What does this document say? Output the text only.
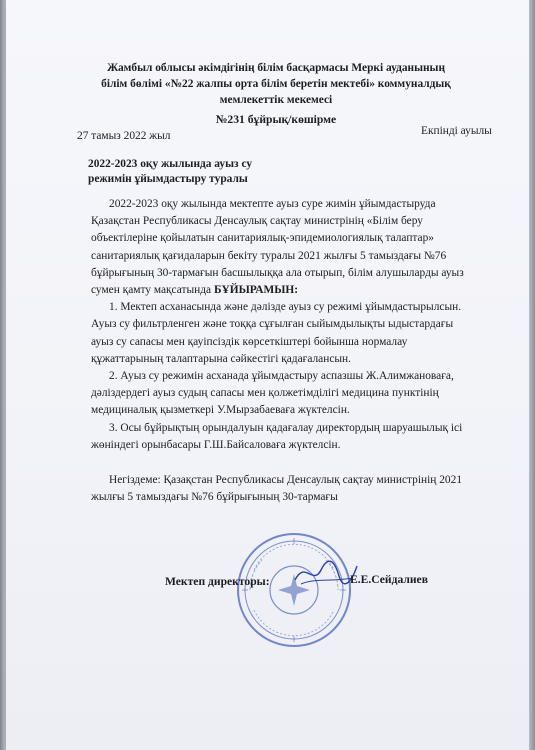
Жамбыл облысы әкімдігінің білім басқармасы Меркі ауданының
білім бөлімі «№22 жалпы орта білім беретін мектебі» коммуналдық
мемлекеттік мекемесі
№231 бұйрық/көшірме
27 тамыз 2022 жыл	Екпінді ауылы
2022-2023 оқу жылында ауыз су
режимін ұйымдастыру туралы

2022-2023 оқу жылында мектепте ауыз суре жимін ұйымдастыруда

Қазақстан Республикасы Денсаулық сақтау министрінің «Білім беру

объектілеріне қойылатын санитариялық-эпидемиологиялық талаптар»

санитариялық қағидаларын бекіту туралы 2021 жылғы 5 тамыздағы №76

бұйрығының 30-тармағын басшылыққа ала отырып, білім алушыларды ауыз

сумен қамту мақсатында БҰЙЫРАМЫН:

1. Мектеп асханасында және дәлізде ауыз су режимі ұйымдастырылсын.

Ауыз су фильтрленген және тоққа сұғылған сыйымдылықты ыдыстардағы

ауыз су сапасы мен қауіпсіздік көрсеткіштері бойынша нормалау

құжаттарының талаптарына сәйкестігі қадағалансын.

2. Ауыз су режимін асханада ұйымдастыру аспазшы Ж.Алимжановаға,

дәліздердегі ауыз судың сапасы мен қолжетімділігі медицина пунктінің

медициналық қызметкері У.Мырзабаеваға жүктелсін.

3. Осы бұйрықтың орындалуын қадағалау директордың шаруашылық ісі

жөніндегі орынбасары Г.Ш.Байсаловаға жүктелсін.

Негіздеме: Қазақстан Республикасы Денсаулық сақтау министрінің 2021

жылғы 5 тамыздағы №76 бұйрығының 30-тармағы

Мектеп директоры:	Е.Е.Сейдалиев
